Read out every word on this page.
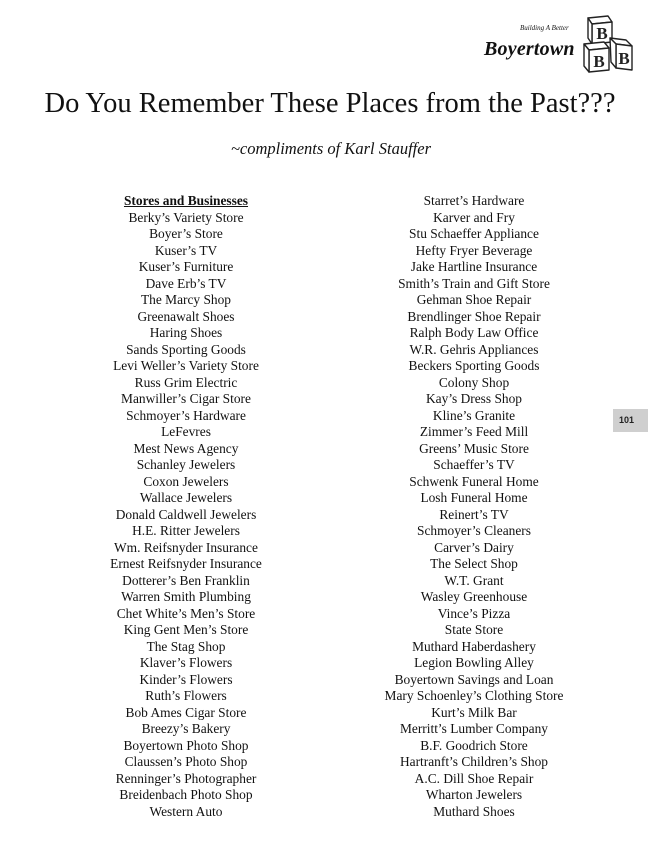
Building A Better
Boyertown
B
B B
Do You Remember These Places from the Past???
~compliments of Karl Stauffer
Stores and Businesses
Berky’s Variety Store
Boyer’s Store
Kuser’s TV
Kuser’s Furniture
Dave Erb’s TV
The Marcy Shop
Greenawalt Shoes
Haring Shoes
Sands Sporting Goods
Levi Weller’s Variety Store
Russ Grim Electric
Manwiller’s Cigar Store
Schmoyer’s Hardware
LeFevres
Mest News Agency
Schanley Jewelers
Coxon Jewelers
Wallace Jewelers
Donald Caldwell Jewelers
H.E. Ritter Jewelers
Wm. Reifsnyder Insurance
Ernest Reifsnyder Insurance
Dotterer’s Ben Franklin
Warren Smith Plumbing
Chet White’s Men’s Store
King Gent Men’s Store
The Stag Shop
Klaver’s Flowers
Kinder’s Flowers
Ruth’s Flowers
Bob Ames Cigar Store
Breezy’s Bakery
Boyertown Photo Shop
Claussen’s Photo Shop
Renninger’s Photographer
Breidenbach Photo Shop
Western Auto
Starret’s Hardware
Karver and Fry
Stu Schaeffer Appliance
Hefty Fryer Beverage
Jake Hartline Insurance
Smith’s Train and Gift Store
Gehman Shoe Repair
Brendlinger Shoe Repair
Ralph Body Law Office
W.R. Gehris Appliances
Beckers Sporting Goods
Colony Shop
Kay’s Dress Shop
Kline’s Granite
Zimmer’s Feed Mill
Greens’ Music Store
Schaeffer’s TV
Schwenk Funeral Home
Losh Funeral Home
Reinert’s TV
Schmoyer’s Cleaners
Carver’s Dairy
The Select Shop
W.T. Grant
Wasley Greenhouse
Vince’s Pizza
State Store
Muthard Haberdashery
Legion Bowling Alley
Boyertown Savings and Loan
Mary Schoenley’s Clothing Store
Kurt’s Milk Bar
Merritt’s Lumber Company
B.F. Goodrich Store
Hartranft’s Children’s Shop
A.C. Dill Shoe Repair
Wharton Jewelers
Muthard Shoes
101
